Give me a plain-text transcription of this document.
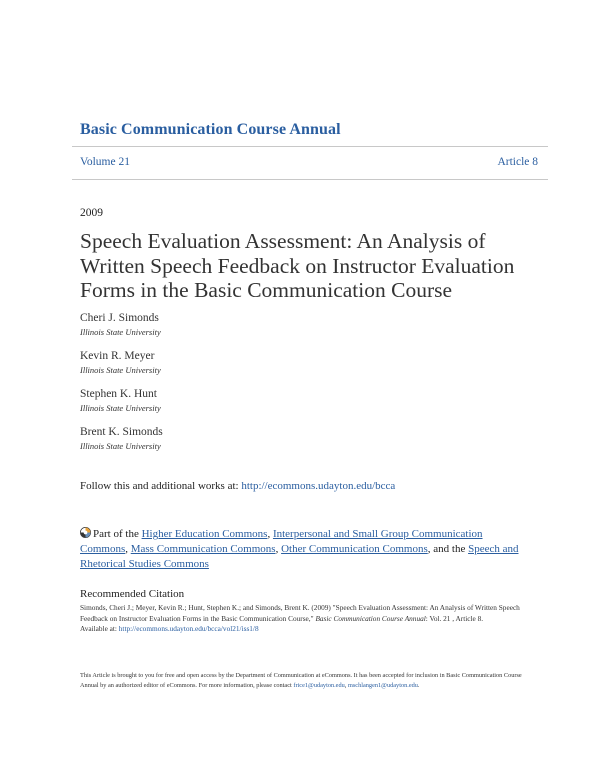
Basic Communication Course Annual
Volume 21	Article 8
2009
Speech Evaluation Assessment: An Analysis of
Written Speech Feedback on Instructor Evaluation
Forms in the Basic Communication Course
Cheri J. Simonds
Illinois State University
Kevin R. Meyer
Illinois State University
Stephen K. Hunt
Illinois State University
Brent K. Simonds
Illinois State University
Follow this and additional works at: http://ecommons.udayton.edu/bcca
Part of the Higher Education Commons, Interpersonal and Small Group Communication Commons, Mass Communication Commons, Other Communication Commons, and the Speech and Rhetorical Studies Commons
Recommended Citation
Simonds, Cheri J.; Meyer, Kevin R.; Hunt, Stephen K.; and Simonds, Brent K. (2009) "Speech Evaluation Assessment: An Analysis of Written Speech Feedback on Instructor Evaluation Forms in the Basic Communication Course," Basic Communication Course Annual: Vol. 21 , Article 8.
Available at: http://ecommons.udayton.edu/bcca/vol21/iss1/8
This Article is brought to you for free and open access by the Department of Communication at eCommons. It has been accepted for inclusion in Basic Communication Course Annual by an authorized editor of eCommons. For more information, please contact frice1@udayton.edu, mschlangen1@udayton.edu.
